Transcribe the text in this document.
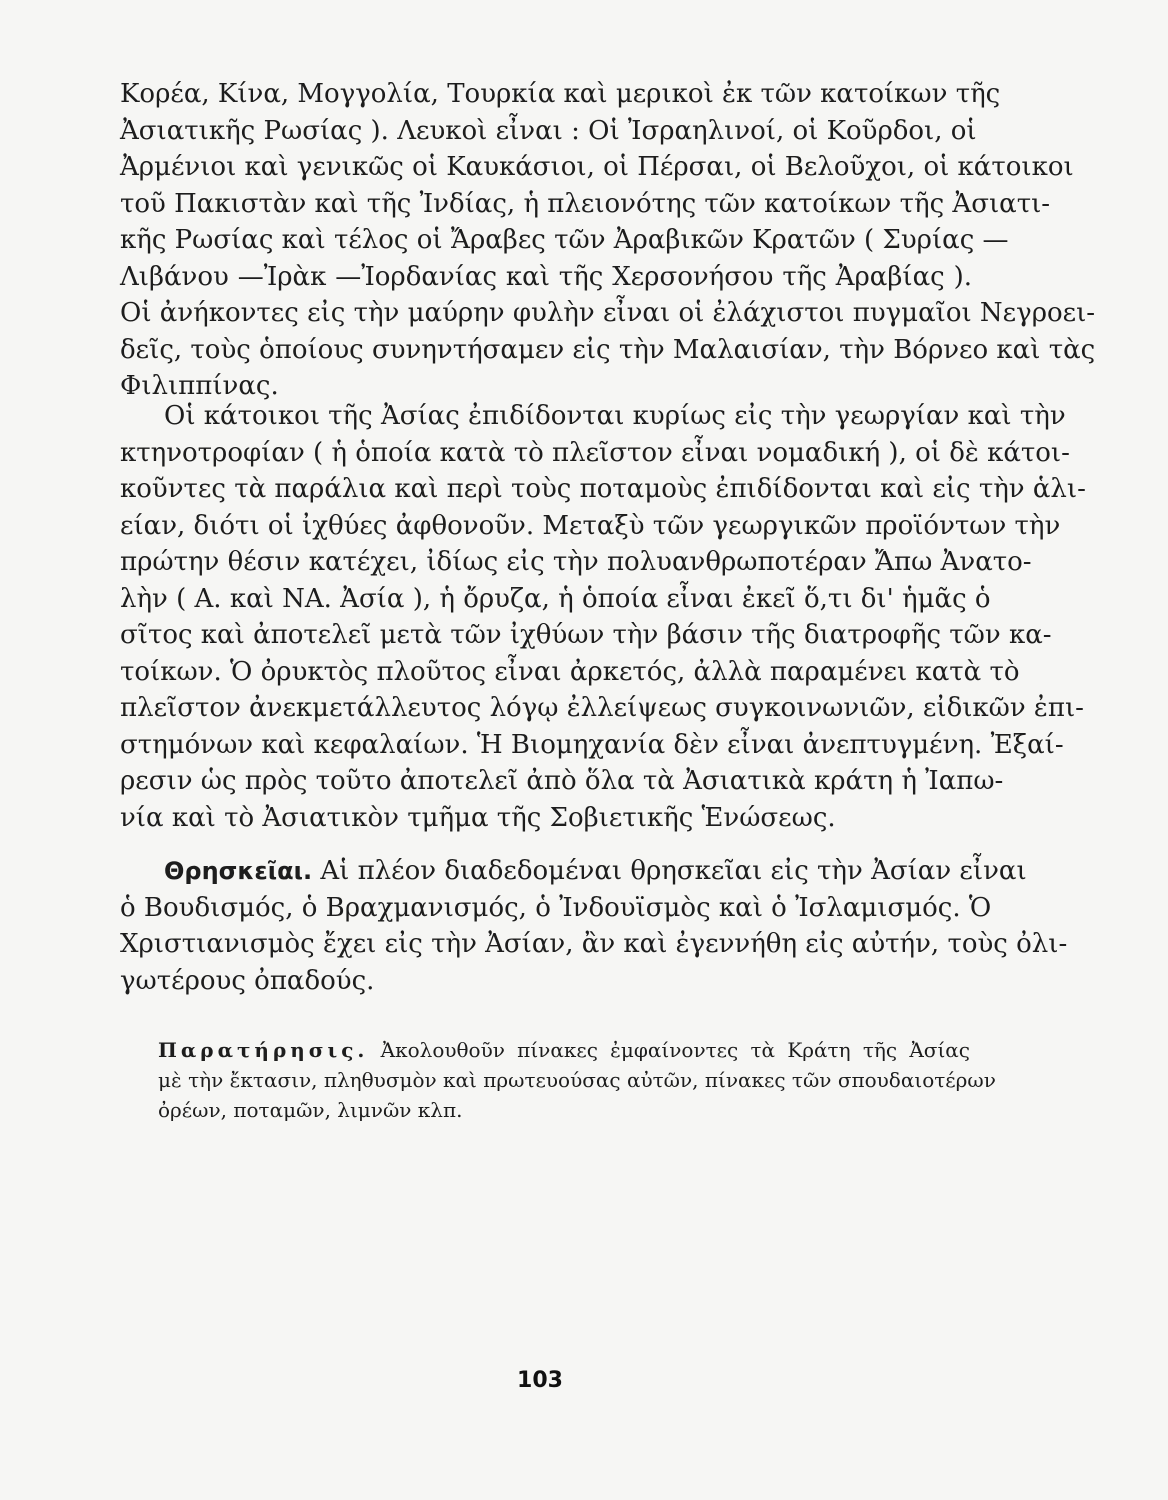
Κορέα, Κίνα, Μογγολία, Τουρκία καὶ μερικοὶ ἐκ τῶν κατοίκων τῆς
Ἀσιατικῆς Ρωσίας ). Λευκοὶ εἶναι : Οἱ Ἰσραηλινοί, οἱ Κοῦρδοι, οἱ
Ἀρμένιοι καὶ γενικῶς οἱ Καυκάσιοι, οἱ Πέρσαι, οἱ Βελοῦχοι, οἱ κάτοικοι
τοῦ Πακιστὰν καὶ τῆς Ἰνδίας, ἡ πλειονότης τῶν κατοίκων τῆς Ἀσιατι-
κῆς Ρωσίας καὶ τέλος οἱ Ἄραβες τῶν Ἀραβικῶν Κρατῶν ( Συρίας —
Λιβάνου —Ἰρὰκ —Ἰορδανίας καὶ τῆς Χερσονήσου τῆς Ἀραβίας ).
Οἱ ἀνήκοντες εἰς τὴν μαύρην φυλὴν εἶναι οἱ ἐλάχιστοι πυγμαῖοι Νεγροει-
δεῖς, τοὺς ὁποίους συνηντήσαμεν εἰς τὴν Μαλαισίαν, τὴν Βόρνεο καὶ τὰς
Φιλιππίνας.

Οἱ κάτοικοι τῆς Ἀσίας ἐπιδίδονται κυρίως εἰς τὴν γεωργίαν καὶ τὴν
κτηνοτροφίαν ( ἡ ὁποία κατὰ τὸ πλεῖστον εἶναι νομαδική ), οἱ δὲ κάτοι-
κοῦντες τὰ παράλια καὶ περὶ τοὺς ποταμοὺς ἐπιδίδονται καὶ εἰς τὴν ἁλι-
είαν, διότι οἱ ἰχθύες ἀφθονοῦν. Μεταξὺ τῶν γεωργικῶν προϊόντων τὴν
πρώτην θέσιν κατέχει, ἰδίως εἰς τὴν πολυανθρωποτέραν Ἄπω Ἀνατο-
λὴν ( Α. καὶ ΝΑ. Ἀσία ), ἡ ὄρυζα, ἡ ὁποία εἶναι ἐκεῖ ὅ,τι δι' ἡμᾶς ὁ
σῖτος καὶ ἀποτελεῖ μετὰ τῶν ἰχθύων τὴν βάσιν τῆς διατροφῆς τῶν κα-
τοίκων. Ὁ ὀρυκτὸς πλοῦτος εἶναι ἀρκετός, ἀλλὰ παραμένει κατὰ τὸ
πλεῖστον ἀνεκμετάλλευτος λόγῳ ἐλλείψεως συγκοινωνιῶν, εἰδικῶν ἐπι-
στημόνων καὶ κεφαλαίων. Ἡ Βιομηχανία δὲν εἶναι ἀνεπτυγμένη. Ἐξαί-
ρεσιν ὡς πρὸς τοῦτο ἀποτελεῖ ἀπὸ ὅλα τὰ Ἀσιατικὰ κράτη ἡ Ἰαπω-
νία καὶ τὸ Ἀσιατικὸν τμῆμα τῆς Σοβιετικῆς Ἑνώσεως.

Θρησκεῖαι. Αἱ πλέον διαδεδομέναι θρησκεῖαι εἰς τὴν Ἀσίαν εἶναι
ὁ Βουδισμός, ὁ Βραχμανισμός, ὁ Ἰνδουϊσμὸς καὶ ὁ Ἰσλαμισμός. Ὁ
Χριστιανισμὸς ἔχει εἰς τὴν Ἀσίαν, ἂν καὶ ἐγεννήθη εἰς αὐτήν, τοὺς ὀλι-
γωτέρους ὀπαδούς.

Παρατήρησις. Ἀκολουθοῦν πίνακες ἐμφαίνοντες τὰ Κράτη τῆς Ἀσίας
μὲ τὴν ἔκτασιν, πληθυσμὸν καὶ πρωτευούσας αὐτῶν, πίνακες τῶν σπουδαιοτέρων
ὀρέων, ποταμῶν, λιμνῶν κλπ.

103
